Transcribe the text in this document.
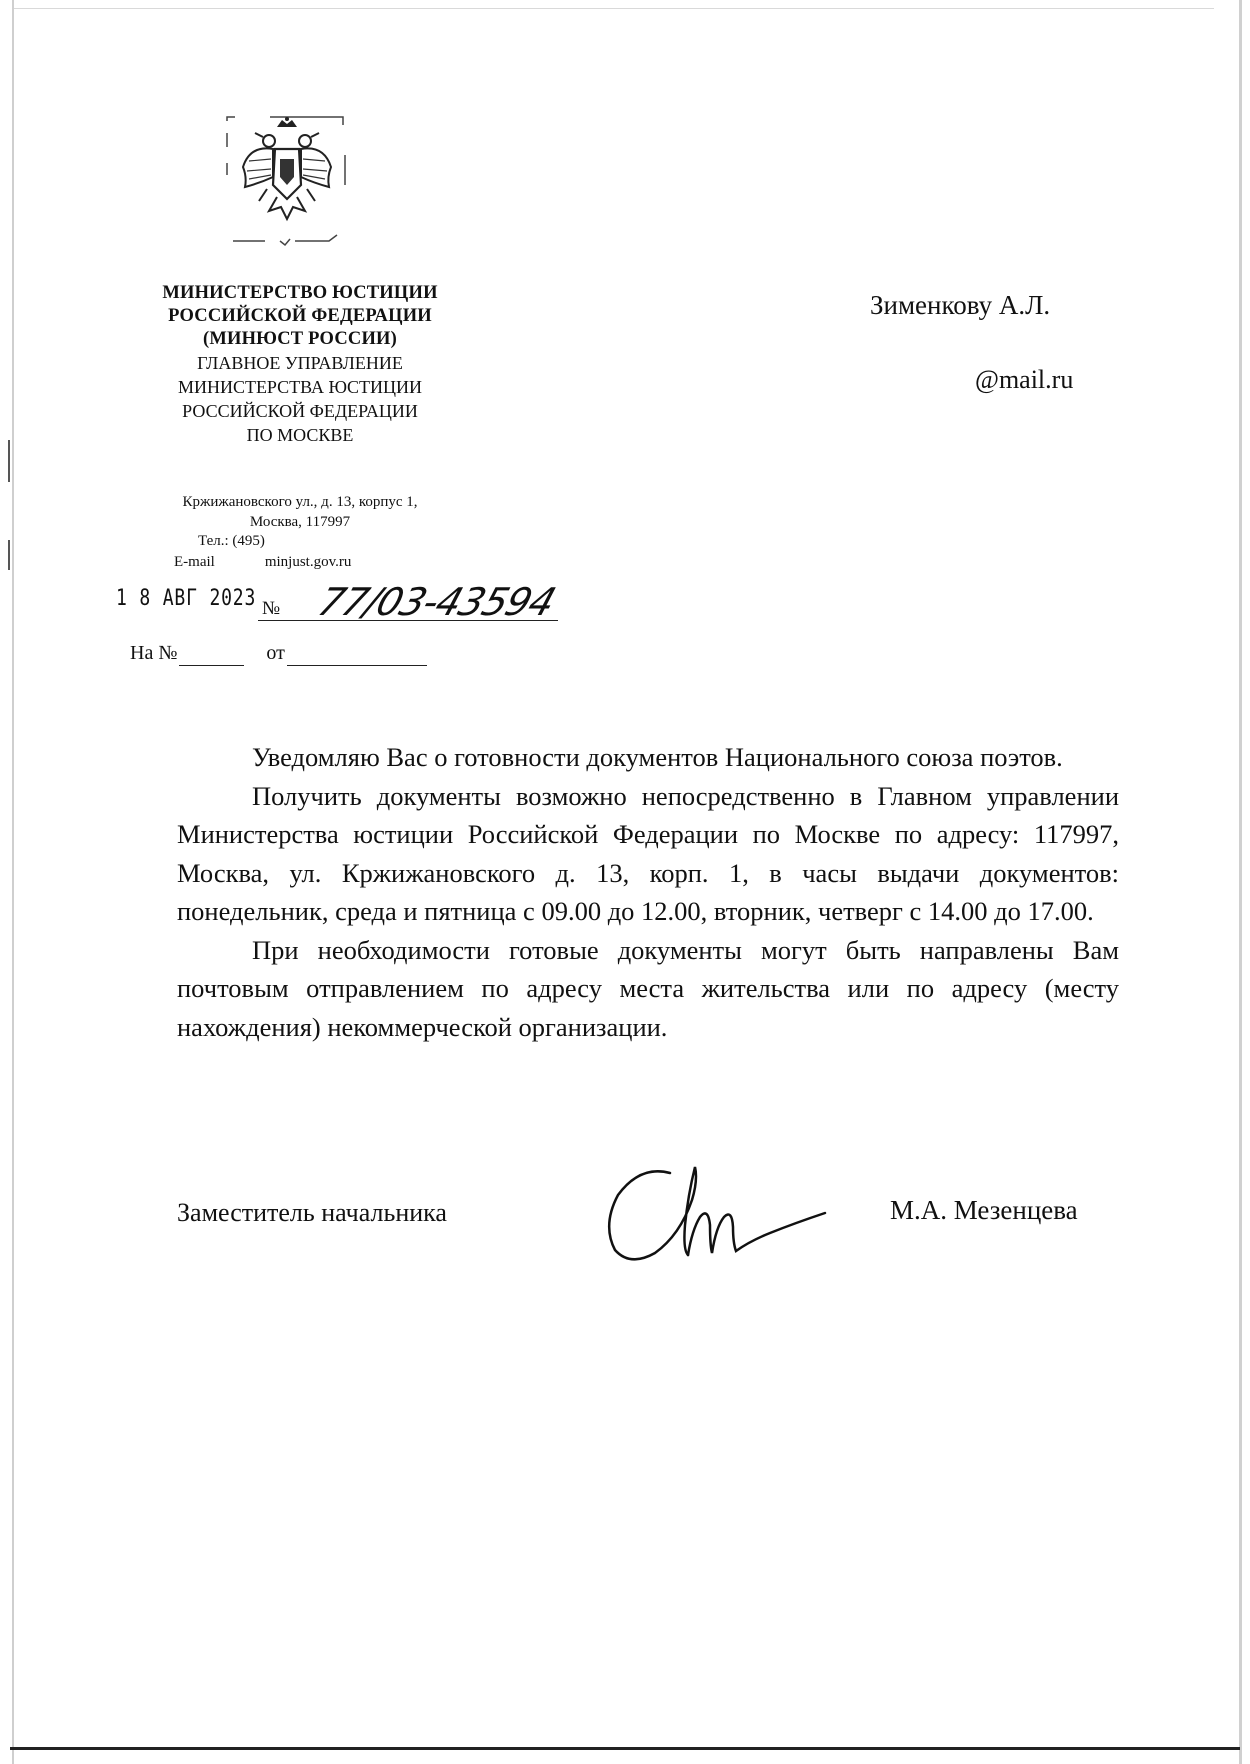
МИНИСТЕРСТВО ЮСТИЦИИ
РОССИЙСКОЙ ФЕДЕРАЦИИ
(МИНЮСТ РОССИИ)
ГЛАВНОЕ УПРАВЛЕНИЕ
МИНИСТЕРСТВА ЮСТИЦИИ
РОССИЙСКОЙ ФЕДЕРАЦИИ
ПО МОСКВЕ
Кржижановского ул., д. 13, корпус 1,
Москва, 117997
Тел.: (495)
E-mail	minjust.gov.ru
1 8 АВГ 2023 № 77/03-43594
На №	от
Зименкову А.Л.
@mail.ru

Уведомляю Вас о готовности документов Национального союза поэтов.

Получить документы возможно непосредственно в Главном управлении Министерства юстиции Российской Федерации по Москве по адресу: 117997, Москва, ул. Кржижановского д. 13, корп. 1, в часы выдачи документов: понедельник, среда и пятница с 09.00 до 12.00, вторник, четверг с 14.00 до 17.00.

При необходимости готовые документы могут быть направлены Вам почтовым отправлением по адресу места жительства или по адресу (месту нахождения) некоммерческой организации.

Заместитель начальника	М.А. Мезенцева
